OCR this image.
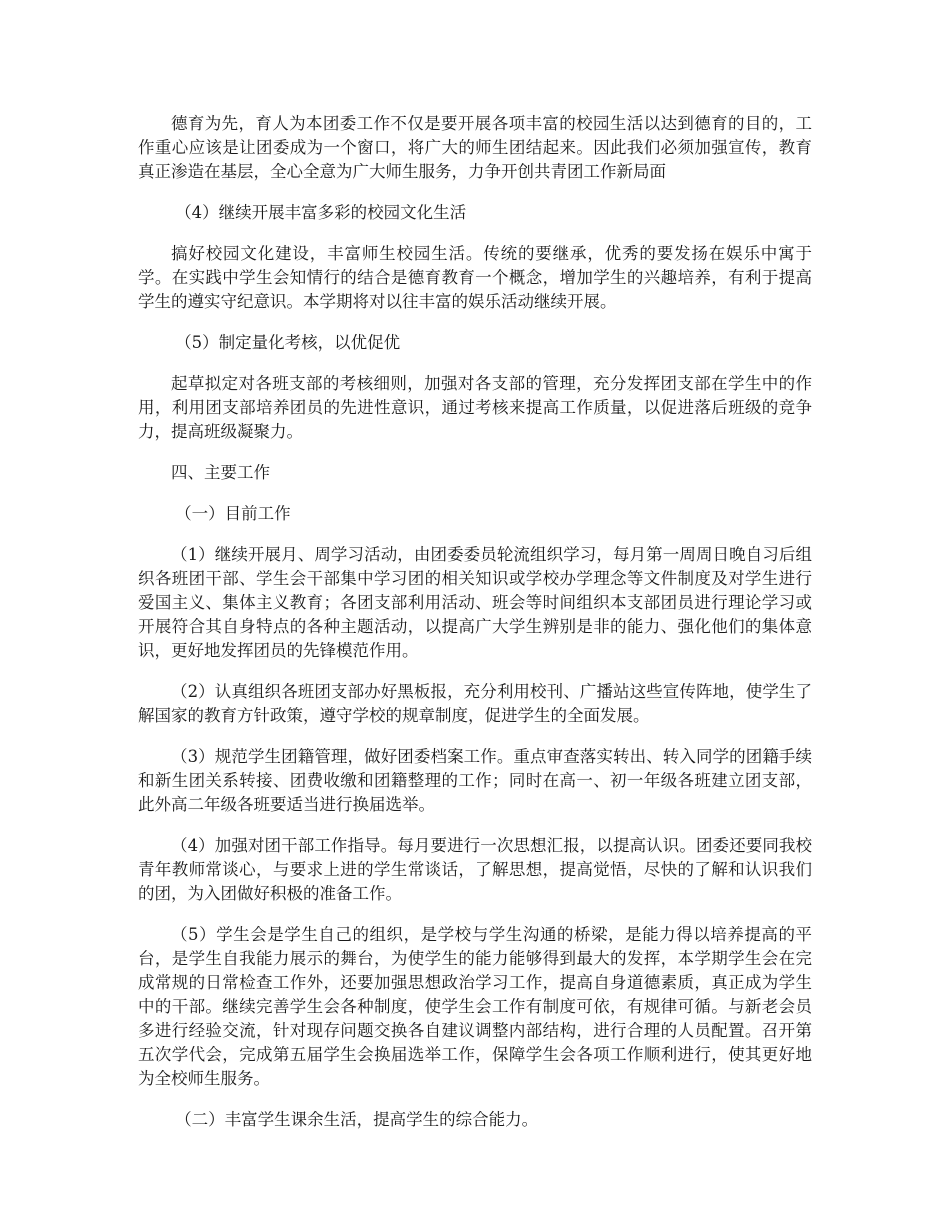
德育为先，育人为本团委工作不仅是要开展各项丰富的校园生活以达到德育的目的，工作重心应该是让团委成为一个窗口，将广大的师生团结起来。因此我们必须加强宣传，教育真正渗造在基层，全心全意为广大师生服务，力争开创共青团工作新局面

（4）继续开展丰富多彩的校园文化生活

搞好校园文化建设，丰富师生校园生活。传统的要继承，优秀的要发扬在娱乐中寓于学。在实践中学生会知情行的结合是德育教育一个概念，增加学生的兴趣培养，有利于提高学生的遵实守纪意识。本学期将对以往丰富的娱乐活动继续开展。

（5）制定量化考核，以优促优

起草拟定对各班支部的考核细则，加强对各支部的管理，充分发挥团支部在学生中的作用，利用团支部培养团员的先进性意识，通过考核来提高工作质量，以促进落后班级的竞争力，提高班级凝聚力。

四、主要工作

（一）目前工作

（1）继续开展月、周学习活动，由团委委员轮流组织学习，每月第一周周日晚自习后组织各班团干部、学生会干部集中学习团的相关知识或学校办学理念等文件制度及对学生进行爱国主义、集体主义教育；各团支部利用活动、班会等时间组织本支部团员进行理论学习或开展符合其自身特点的各种主题活动，以提高广大学生辨别是非的能力、强化他们的集体意识，更好地发挥团员的先锋模范作用。

（2）认真组织各班团支部办好黑板报，充分利用校刊、广播站这些宣传阵地，使学生了解国家的教育方针政策，遵守学校的规章制度，促进学生的全面发展。

（3）规范学生团籍管理，做好团委档案工作。重点审查落实转出、转入同学的团籍手续和新生团关系转接、团费收缴和团籍整理的工作；同时在高一、初一年级各班建立团支部，此外高二年级各班要适当进行换届选举。

（4）加强对团干部工作指导。每月要进行一次思想汇报，以提高认识。团委还要同我校青年教师常谈心，与要求上进的学生常谈话，了解思想，提高觉悟，尽快的了解和认识我们的团，为入团做好积极的准备工作。

（5）学生会是学生自己的组织，是学校与学生沟通的桥梁，是能力得以培养提高的平台，是学生自我能力展示的舞台，为使学生的能力能够得到最大的发挥，本学期学生会在完成常规的日常检查工作外，还要加强思想政治学习工作，提高自身道德素质，真正成为学生中的干部。继续完善学生会各种制度，使学生会工作有制度可依，有规律可循。与新老会员多进行经验交流，针对现存问题交换各自建议调整内部结构，进行合理的人员配置。召开第五次学代会，完成第五届学生会换届选举工作，保障学生会各项工作顺利进行，使其更好地为全校师生服务。

（二）丰富学生课余生活，提高学生的综合能力。
